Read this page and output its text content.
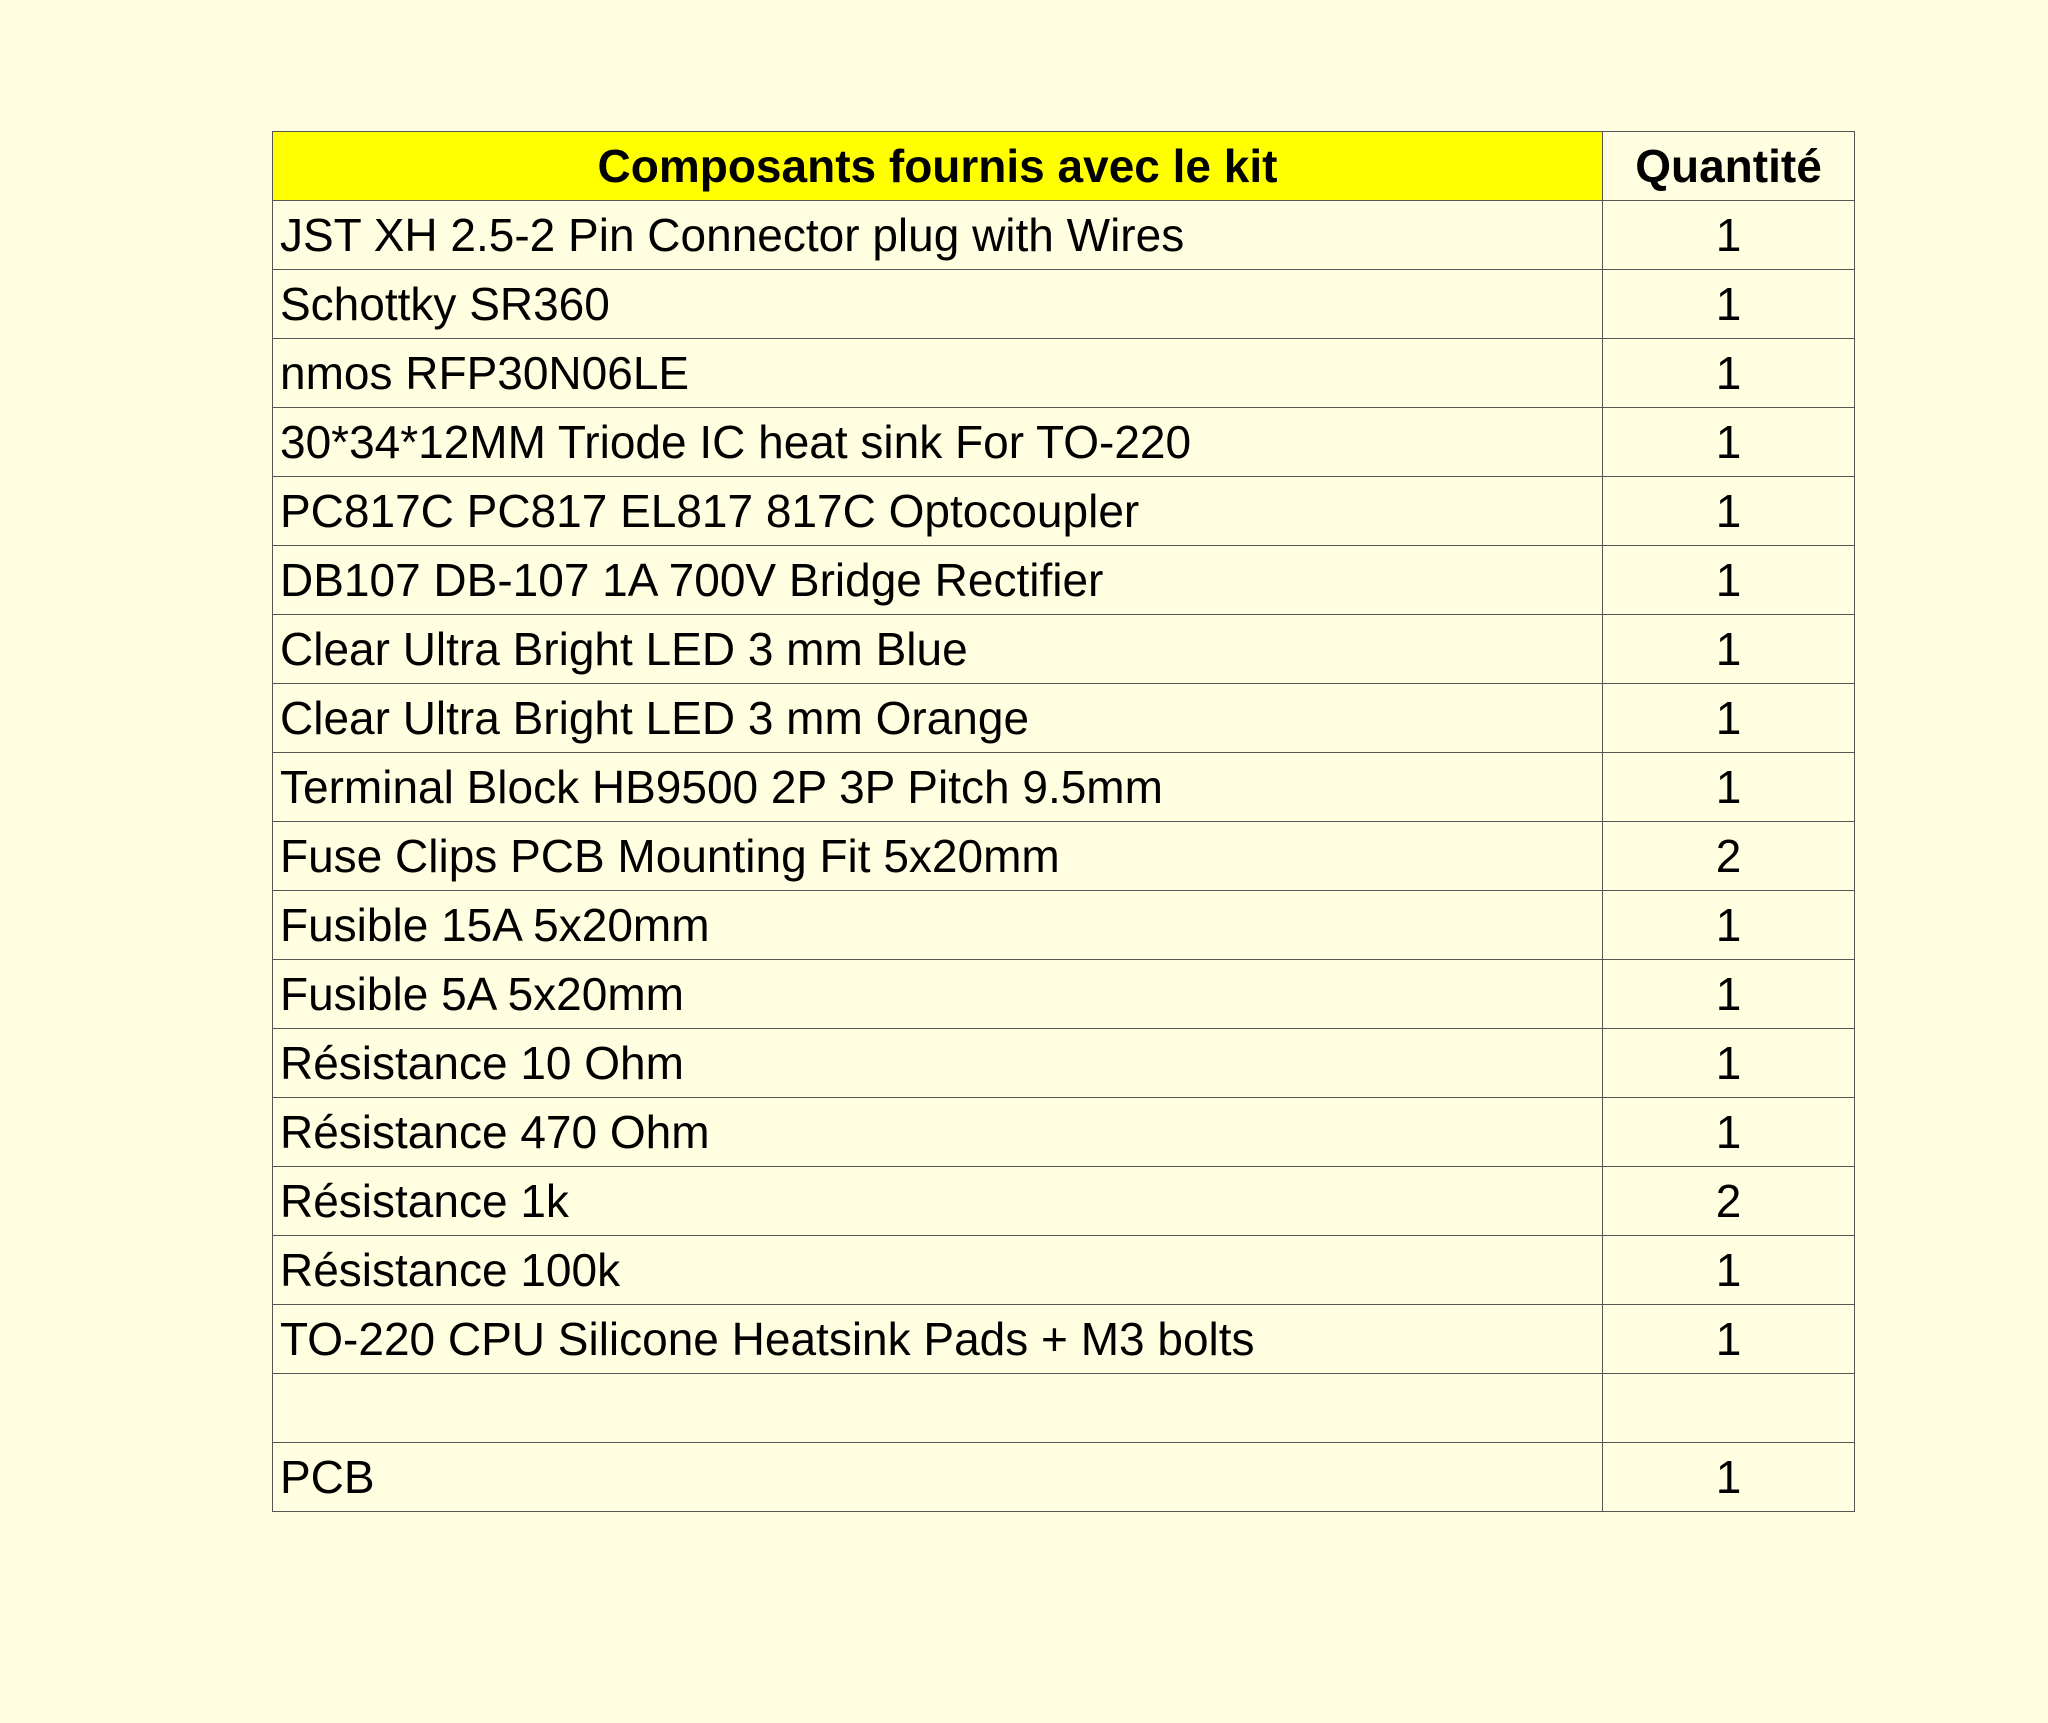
Composants fournis avec le kit	Quantité
JST XH 2.5-2 Pin Connector plug with Wires	1
Schottky SR360	1
nmos RFP30N06LE	1
30*34*12MM Triode IC heat sink For TO-220	1
PC817C PC817 EL817 817C Optocoupler	1
DB107 DB-107 1A 700V Bridge Rectifier	1
Clear Ultra Bright LED 3 mm Blue	1
Clear Ultra Bright LED 3 mm Orange	1
Terminal Block HB9500 2P 3P Pitch 9.5mm	1
Fuse Clips PCB Mounting Fit 5x20mm	2
Fusible 15A 5x20mm	1
Fusible 5A 5x20mm	1
Résistance 10 Ohm	1
Résistance 470 Ohm	1
Résistance 1k	2
Résistance 100k	1
TO-220 CPU Silicone Heatsink Pads + M3 bolts	1

PCB	1
